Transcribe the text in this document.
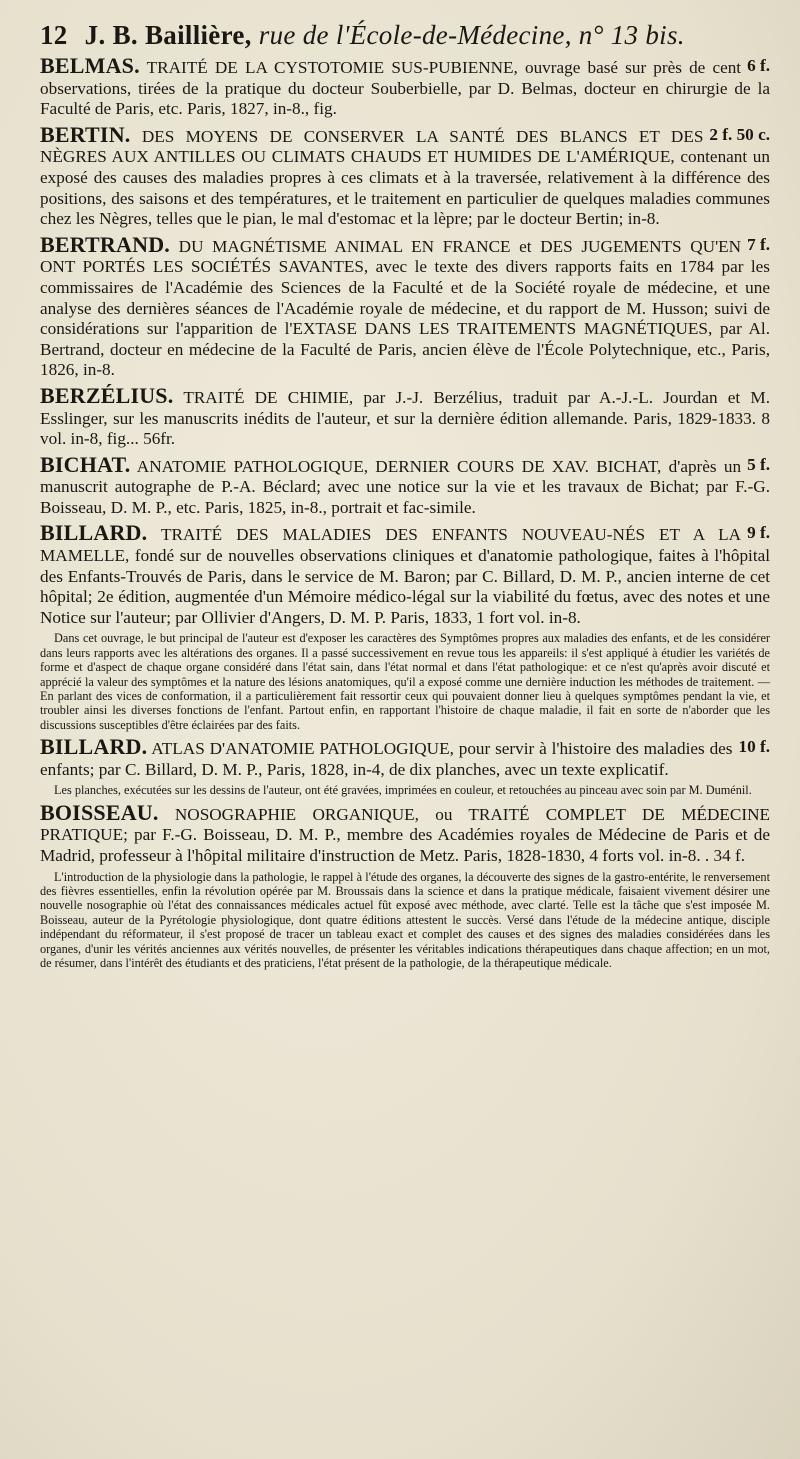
12 J. B. Baillière, rue de l'École-de-Médecine, n° 13 bis.

6 f.
BELMAS. TRAITÉ DE LA CYSTOTOMIE SUS-PUBIENNE, ouvrage basé sur près de cent observations, tirées de la pratique du docteur Souberbielle, par D. Belmas, docteur en chirurgie de la Faculté de Paris, etc. Paris, 1827, in-8., fig.

2 f. 50 c.
BERTIN. DES MOYENS DE CONSERVER LA SANTÉ DES BLANCS ET DES NÈGRES AUX ANTILLES OU CLIMATS CHAUDS ET HUMIDES DE L'AMÉRIQUE, contenant un exposé des causes des maladies propres à ces climats et à la traversée, relativement à la différence des positions, des saisons et des températures, et le traitement en particulier de quelques maladies communes chez les Nègres, telles que le pian, le mal d'estomac et la lèpre; par le docteur Bertin; in-8.

7 f.
BERTRAND. DU MAGNÉTISME ANIMAL EN FRANCE et DES JUGEMENTS QU'EN ONT PORTÉS LES SOCIÉTÉS SAVANTES, avec le texte des divers rapports faits en 1784 par les commissaires de l'Académie des Sciences de la Faculté et de la Société royale de médecine, et une analyse des dernières séances de l'Académie royale de médecine, et du rapport de M. Husson; suivi de considérations sur l'apparition de l'EXTASE DANS LES TRAITEMENTS MAGNÉTIQUES, par Al. Bertrand, docteur en médecine de la Faculté de Paris, ancien élève de l'École Polytechnique, etc., Paris, 1826, in-8.

BERZÉLIUS. TRAITÉ DE CHIMIE, par J.-J. Berzélius, traduit par A.-J.-L. Jourdan et M. Esslinger, sur les manuscrits inédits de l'auteur, et sur la dernière édition allemande. Paris, 1829-1833. 8 vol. in-8, fig... 56fr.

5 f.
BICHAT. ANATOMIE PATHOLOGIQUE, DERNIER COURS DE XAV. BICHAT, d'après un manuscrit autographe de P.-A. Béclard; avec une notice sur la vie et les travaux de Bichat; par F.-G. Boisseau, D. M. P., etc. Paris, 1825, in-8., portrait et fac-simile.

9 f.
BILLARD. TRAITÉ DES MALADIES DES ENFANTS NOUVEAU-NÉS ET A LA MAMELLE, fondé sur de nouvelles observations cliniques et d'anatomie pathologique, faites à l'hôpital des Enfants-Trouvés de Paris, dans le service de M. Baron; par C. Billard, D. M. P., ancien interne de cet hôpital; 2e édition, augmentée d'un Mémoire médico-légal sur la viabilité du fœtus, avec des notes et une Notice sur l'auteur; par Ollivier d'Angers, D. M. P. Paris, 1833, 1 fort vol. in-8.

Dans cet ouvrage, le but principal de l'auteur est d'exposer les caractères des Symptômes propres aux maladies des enfants, et de les considérer dans leurs rapports avec les altérations des organes. Il a passé successivement en revue tous les appareils: il s'est appliqué à étudier les variétés de forme et d'aspect de chaque organe considéré dans l'état sain, dans l'état normal et dans l'état pathologique: et ce n'est qu'après avoir discuté et apprécié la valeur des symptômes et la nature des lésions anatomiques, qu'il a exposé comme une dernière induction les méthodes de traitement. — En parlant des vices de conformation, il a particulièrement fait ressortir ceux qui pouvaient donner lieu à quelques symptômes pendant la vie, et troubler ainsi les diverses fonctions de l'enfant. Partout enfin, en rapportant l'histoire de chaque maladie, il fait en sorte de n'aborder que les discussions susceptibles d'être éclairées par des faits.

10 f.
BILLARD. ATLAS D'ANATOMIE PATHOLOGIQUE, pour servir à l'histoire des maladies des enfants; par C. Billard, D. M. P., Paris, 1828, in-4, de dix planches, avec un texte explicatif.

Les planches, exécutées sur les dessins de l'auteur, ont été gravées, imprimées en couleur, et retouchées au pinceau avec soin par M. Duménil.

BOISSEAU. NOSOGRAPHIE ORGANIQUE, ou TRAITÉ COMPLET DE MÉDECINE PRATIQUE; par F.-G. Boisseau, D. M. P., membre des Académies royales de Médecine de Paris et de Madrid, professeur à l'hôpital militaire d'instruction de Metz. Paris, 1828-1830, 4 forts vol. in-8. . 34 f.

L'introduction de la physiologie dans la pathologie, le rappel à l'étude des organes, la découverte des signes de la gastro-entérite, le renversement des fièvres essentielles, enfin la révolution opérée par M. Broussais dans la science et dans la pratique médicale, faisaient vivement désirer une nouvelle nosographie où l'état des connaissances médicales actuel fût exposé avec méthode, avec clarté. Telle est la tâche que s'est imposée M. Boisseau, auteur de la Pyrétologie physiologique, dont quatre éditions attestent le succès. Versé dans l'étude de la médecine antique, disciple indépendant du réformateur, il s'est proposé de tracer un tableau exact et complet des causes et des signes des maladies considérées dans les organes, d'unir les vérités anciennes aux vérités nouvelles, de présenter les véritables indications thérapeutiques dans chaque affection; en un mot, de résumer, dans l'intérêt des étudiants et des praticiens, l'état présent de la pathologie, de la thérapeutique médicale.
